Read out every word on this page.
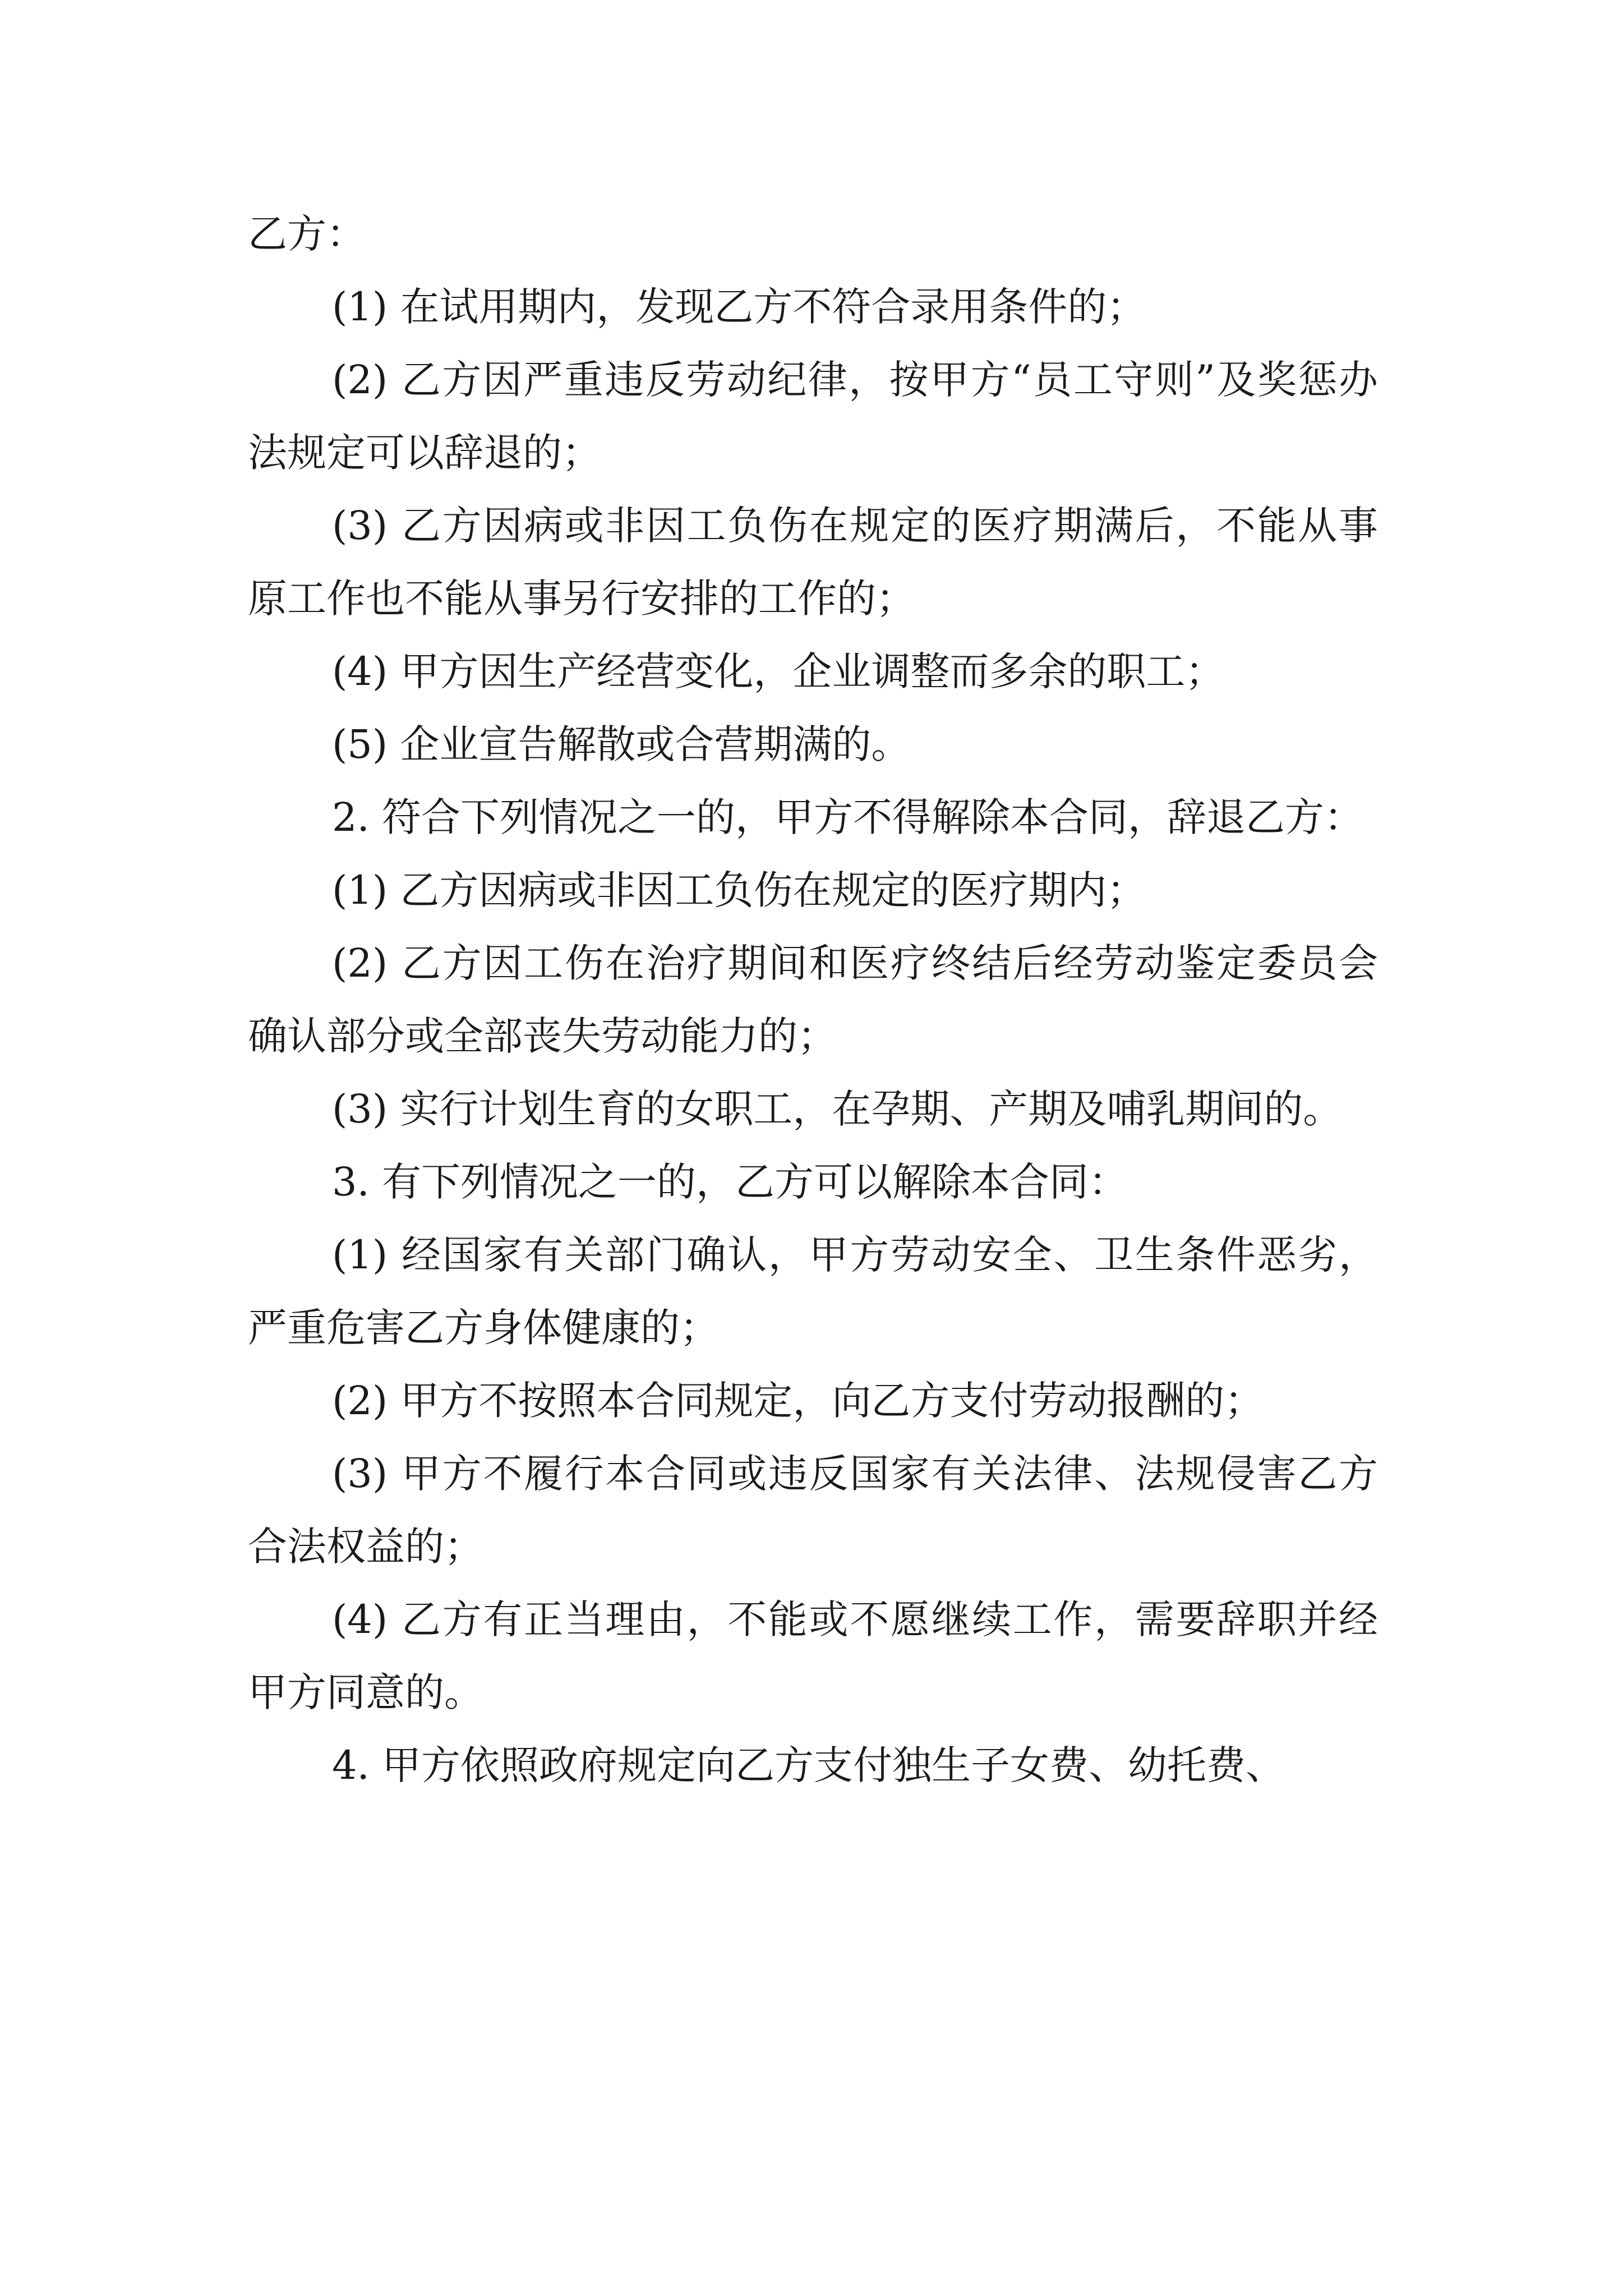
乙方：

(1) 在试用期内，发现乙方不符合录用条件的；

(2) 乙方因严重违反劳动纪律，按甲方“员工守则”及奖惩办法规定可以辞退的；

(3) 乙方因病或非因工负伤在规定的医疗期满后，不能从事原工作也不能从事另行安排的工作的；

(4) 甲方因生产经营变化，企业调整而多余的职工；

(5) 企业宣告解散或合营期满的。

2. 符合下列情况之一的，甲方不得解除本合同，辞退乙方：

(1) 乙方因病或非因工负伤在规定的医疗期内；

(2) 乙方因工伤在治疗期间和医疗终结后经劳动鉴定委员会确认部分或全部丧失劳动能力的；

(3) 实行计划生育的女职工，在孕期、产期及哺乳期间的。

3. 有下列情况之一的，乙方可以解除本合同：

(1) 经国家有关部门确认，甲方劳动安全、卫生条件恶劣，严重危害乙方身体健康的；

(2) 甲方不按照本合同规定，向乙方支付劳动报酬的；

(3) 甲方不履行本合同或违反国家有关法律、法规侵害乙方合法权益的；

(4) 乙方有正当理由，不能或不愿继续工作，需要辞职并经甲方同意的。

4. 甲方依照政府规定向乙方支付独生子女费、幼托费、
